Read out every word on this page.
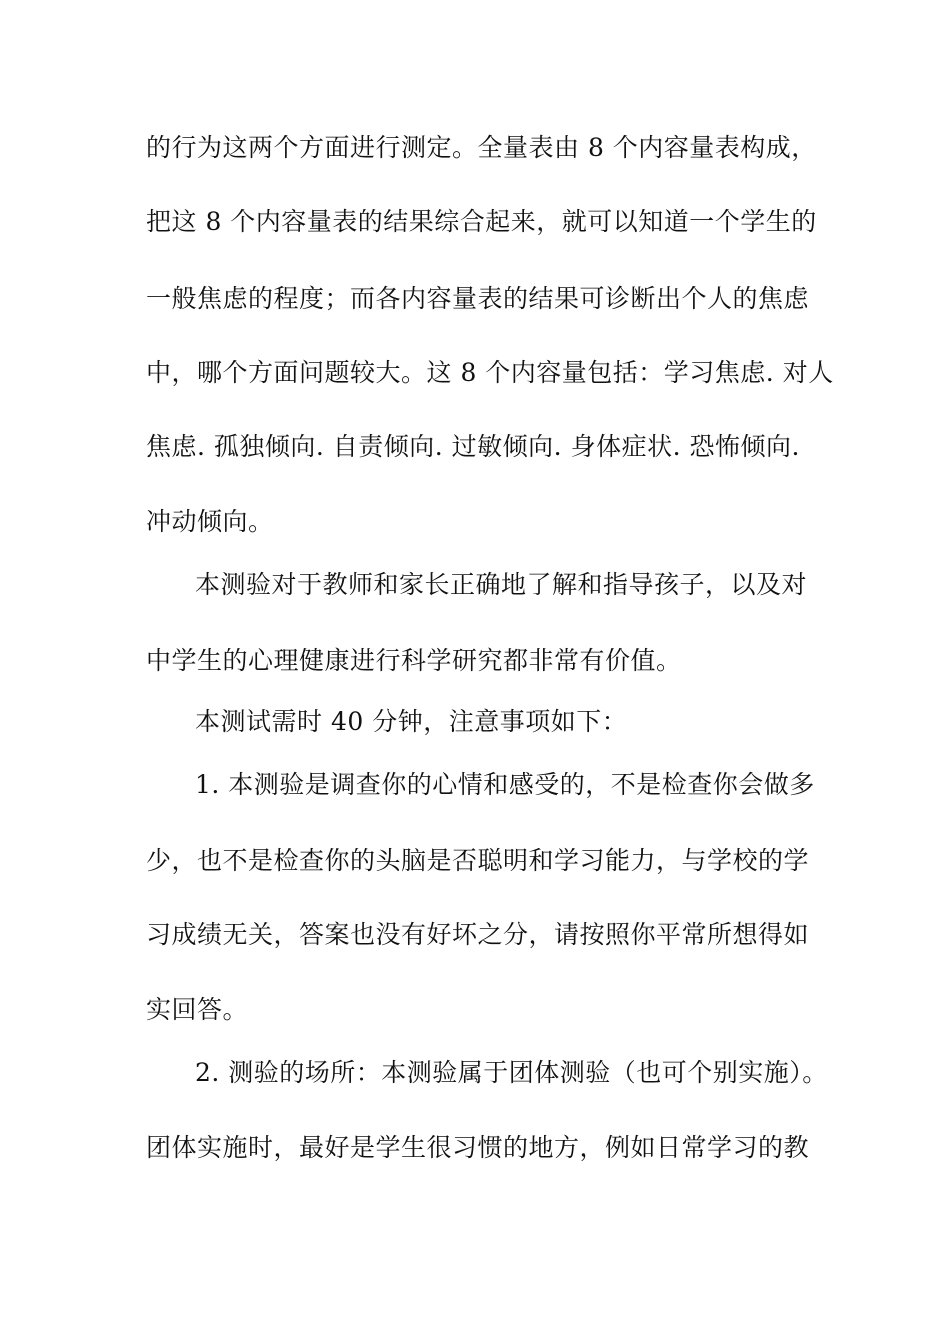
的行为这两个方面进行测定。全量表由 8 个内容量表构成，
把这 8 个内容量表的结果综合起来，就可以知道一个学生的
一般焦虑的程度；而各内容量表的结果可诊断出个人的焦虑
中，哪个方面问题较大。这 8 个内容量包括：学习焦虑. 对人
焦虑. 孤独倾向. 自责倾向. 过敏倾向. 身体症状. 恐怖倾向.
冲动倾向。
本测验对于教师和家长正确地了解和指导孩子，以及对
中学生的心理健康进行科学研究都非常有价值。
本测试需时 40 分钟，注意事项如下：
1. 本测验是调查你的心情和感受的，不是检查你会做多
少，也不是检查你的头脑是否聪明和学习能力，与学校的学
习成绩无关，答案也没有好坏之分，请按照你平常所想得如
实回答。
2. 测验的场所：本测验属于团体测验（也可个别实施）。
团体实施时，最好是学生很习惯的地方，例如日常学习的教
